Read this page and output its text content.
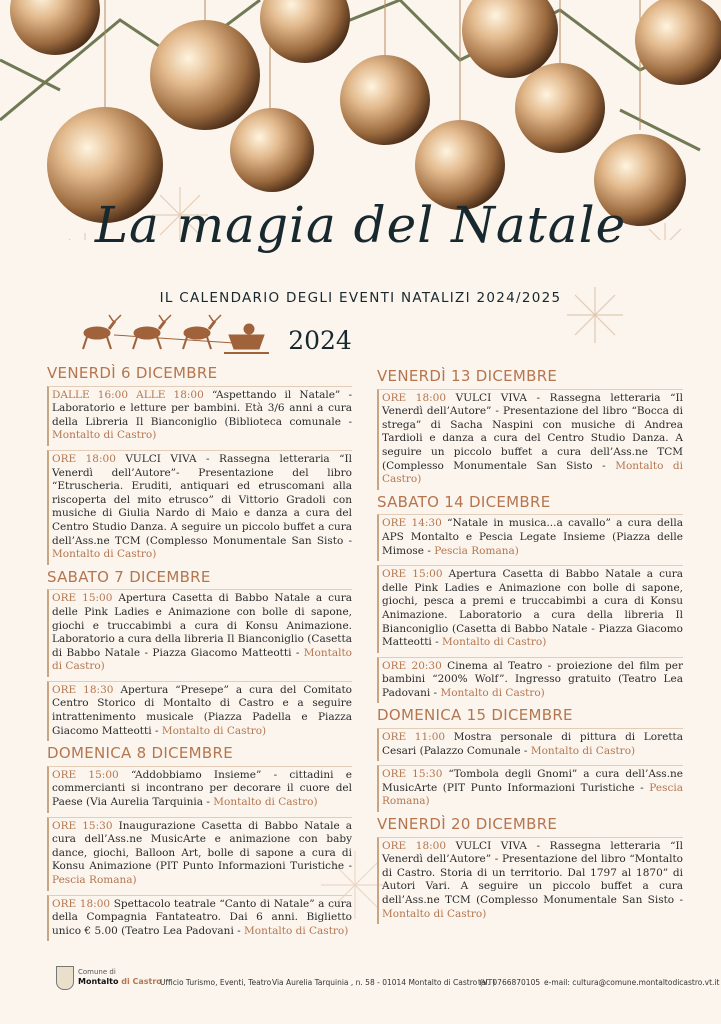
La magia del Natale
IL CALENDARIO DEGLI EVENTI NATALIZI 2024/2025
2024
VENERDÌ 6 DICEMBRE
DALLE 16:00 ALLE 18:00 “Aspettando il Natale” - Laboratorio e letture per bambini. Età 3/6 anni a cura della Libreria Il Bianconiglio (Biblioteca comunale - Montalto di Castro)
ORE 18:00 VULCI VIVA - Rassegna letteraria “Il Venerdì dell’Autore”- Presentazione del libro “Etruscheria. Eruditi, antiquari ed etruscomani alla riscoperta del mito etrusco” di Vittorio Gradoli con musiche di Giulia Nardo di Maio e danza a cura del Centro Studio Danza. A seguire un piccolo buffet a cura dell’Ass.ne TCM (Complesso Monumentale San Sisto - Montalto di Castro)
SABATO 7 DICEMBRE
ORE 15:00 Apertura Casetta di Babbo Natale a cura delle Pink Ladies e Animazione con bolle di sapone, giochi e truccabimbi a cura di Konsu Animazione. Laboratorio a cura della libreria Il Bianconiglio (Casetta di Babbo Natale - Piazza Giacomo Matteotti - Montalto di Castro)
ORE 18:30 Apertura “Presepe” a cura del Comitato Centro Storico di Montalto di Castro e a seguire intrattenimento musicale (Piazza Padella e Piazza Giacomo Matteotti - Montalto di Castro)
DOMENICA 8 DICEMBRE
ORE 15:00 “Addobbiamo Insieme” - cittadini e commercianti si incontrano per decorare il cuore del Paese (Via Aurelia Tarquinia - Montalto di Castro)
ORE 15:30 Inaugurazione Casetta di Babbo Natale a cura dell’Ass.ne MusicArte e animazione con baby dance, giochi, Balloon Art, bolle di sapone a cura di Konsu Animazione (PIT Punto Informazioni Turistiche - Pescia Romana)
ORE 18:00 Spettacolo teatrale “Canto di Natale” a cura della Compagnia Fantateatro. Dai 6 anni. Biglietto unico € 5.00 (Teatro Lea Padovani - Montalto di Castro)
VENERDÌ 13 DICEMBRE
ORE 18:00 VULCI VIVA - Rassegna letteraria “Il Venerdì dell’Autore” - Presentazione del libro “Bocca di strega” di Sacha Naspini con musiche di Andrea Tardioli e danza a cura del Centro Studio Danza. A seguire un piccolo buffet a cura dell’Ass.ne TCM (Complesso Monumentale San Sisto - Montalto di Castro)
SABATO 14 DICEMBRE
ORE 14:30 “Natale in musica...a cavallo” a cura della APS Montalto e Pescia Legate Insieme (Piazza delle Mimose - Pescia Romana)
ORE 15:00 Apertura Casetta di Babbo Natale a cura delle Pink Ladies e Animazione con bolle di sapone, giochi, pesca a premi e truccabimbi a cura di Konsu Animazione. Laboratorio a cura della libreria Il Bianconiglio (Casetta di Babbo Natale - Piazza Giacomo Matteotti - Montalto di Castro)
ORE 20:30 Cinema al Teatro - proiezione del film per bambini “200% Wolf”. Ingresso gratuito (Teatro Lea Padovani - Montalto di Castro)
DOMENICA 15 DICEMBRE
ORE 11:00 Mostra personale di pittura di Loretta Cesari (Palazzo Comunale - Montalto di Castro)
ORE 15:30 “Tombola degli Gnomi” a cura dell’Ass.ne MusicArte (PIT Punto Informazioni Turistiche - Pescia Romana)
VENERDÌ 20 DICEMBRE
ORE 18:00 VULCI VIVA - Rassegna letteraria “Il Venerdì dell’Autore” - Presentazione del libro “Montalto di Castro. Storia di un territorio. Dal 1797 al 1870” di Autori Vari. A seguire un piccolo buffet a cura dell’Ass.ne TCM (Complesso Monumentale San Sisto - Montalto di Castro)
Comune di
Montalto di Castro
Ufficio Turismo, Eventi, Teatro Via Aurelia Tarquinia , n. 58 - 01014 Montalto di Castro (VT)
tel. 0766870105 e-mail: cultura@comune.montaltodicastro.vt.it
